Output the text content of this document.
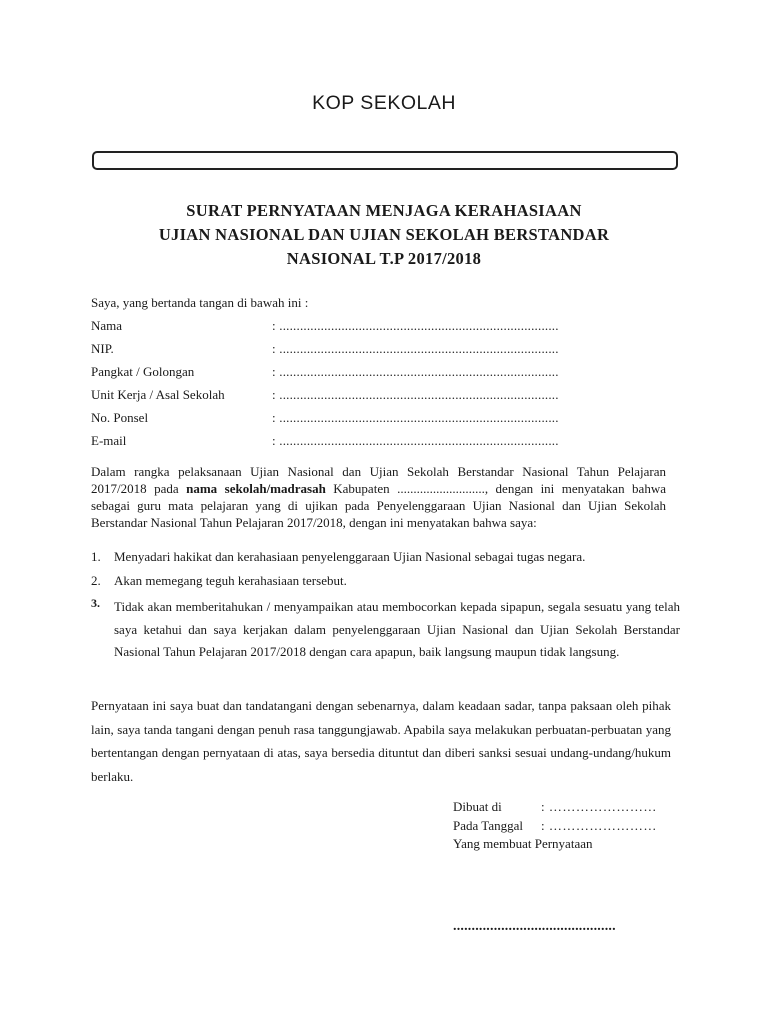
KOP SEKOLAH
SURAT PERNYATAAN MENJAGA KERAHASIAAN
UJIAN NASIONAL DAN UJIAN SEKOLAH BERSTANDAR
NASIONAL T.P 2017/2018
Saya, yang bertanda tangan di bawah ini :
Nama	: .................................................................................
NIP.	: .................................................................................
Pangkat / Golongan	: .................................................................................
Unit Kerja / Asal Sekolah	: .................................................................................
No. Ponsel	: .................................................................................
E-mail	: .................................................................................
Dalam rangka pelaksanaan Ujian Nasional dan Ujian Sekolah Berstandar Nasional Tahun Pelajaran 2017/2018 pada nama sekolah/madrasah Kabupaten ..........................., dengan ini menyatakan bahwa sebagai guru mata pelajaran yang di ujikan pada Penyelenggaraan Ujian Nasional dan Ujian Sekolah Berstandar Nasional Tahun Pelajaran 2017/2018, dengan ini menyatakan bahwa saya:
1.	Menyadari hakikat dan kerahasiaan penyelenggaraan Ujian Nasional sebagai tugas negara.
2.	Akan memegang teguh kerahasiaan tersebut.
3. Tidak akan memberitahukan / menyampaikan atau membocorkan kepada sipapun, segala sesuatu yang telah saya ketahui dan saya kerjakan dalam penyelenggaraan Ujian Nasional dan Ujian Sekolah Berstandar Nasional Tahun Pelajaran 2017/2018 dengan cara apapun, baik langsung maupun tidak langsung.
Pernyataan ini saya buat dan tandatangani dengan sebenarnya, dalam keadaan sadar, tanpa paksaan oleh pihak lain, saya tanda tangani dengan penuh rasa tanggungjawab. Apabila saya melakukan perbuatan-perbuatan yang bertentangan dengan pernyataan di atas, saya bersedia dituntut dan diberi sanksi sesuai undang-undang/hukum berlaku.
Dibuat di	: ……………………
Pada Tanggal : ……………………
Yang membuat Pernyataan
............................................
